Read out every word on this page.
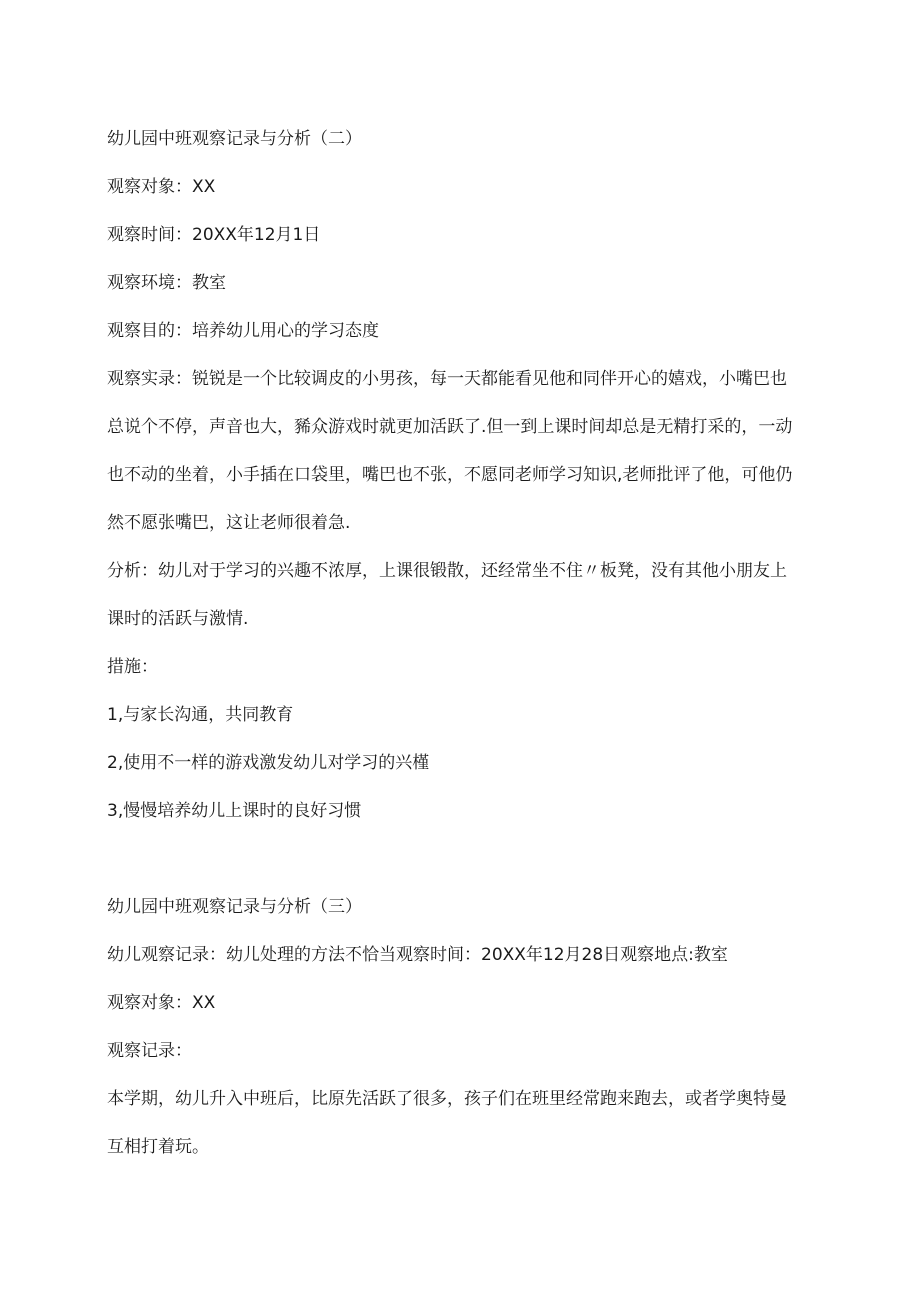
幼儿园中班观察记录与分析（二）

观察对象：XX

观察时间：20XX年12月1日

观察环境：教室

观察目的：培养幼儿用心的学习态度

观察实录：锐锐是一个比较调皮的小男孩，每一天都能看见他和同伴开心的嬉戏，小嘴巴也

总说个不停，声音也大，豨众游戏时就更加活跃了.但一到上课时间却总是无精打采的，一动

也不动的坐着，小手插在口袋里，嘴巴也不张，不愿同老师学习知识,老师批评了他，可他仍

然不愿张嘴巴，这让老师很着急.

分析：幼儿对于学习的兴趣不浓厚，上课很锻散，还经常坐不住〃板凳，没有其他小朋友上

课时的活跃与激情.

措施：

1,与家长沟通，共同教育

2,使用不一样的游戏激发幼儿对学习的兴槿

3,慢慢培养幼儿上课时的良好习惯

幼儿园中班观察记录与分析（三）

幼儿观察记录：幼儿处理的方法不恰当观察时间：20XX年12月28日观察地点:教室

观察对象：XX

观察记录：

本学期，幼儿升入中班后，比原先活跃了很多，孩子们在班里经常跑来跑去，或者学奥特曼

互相打着玩。
